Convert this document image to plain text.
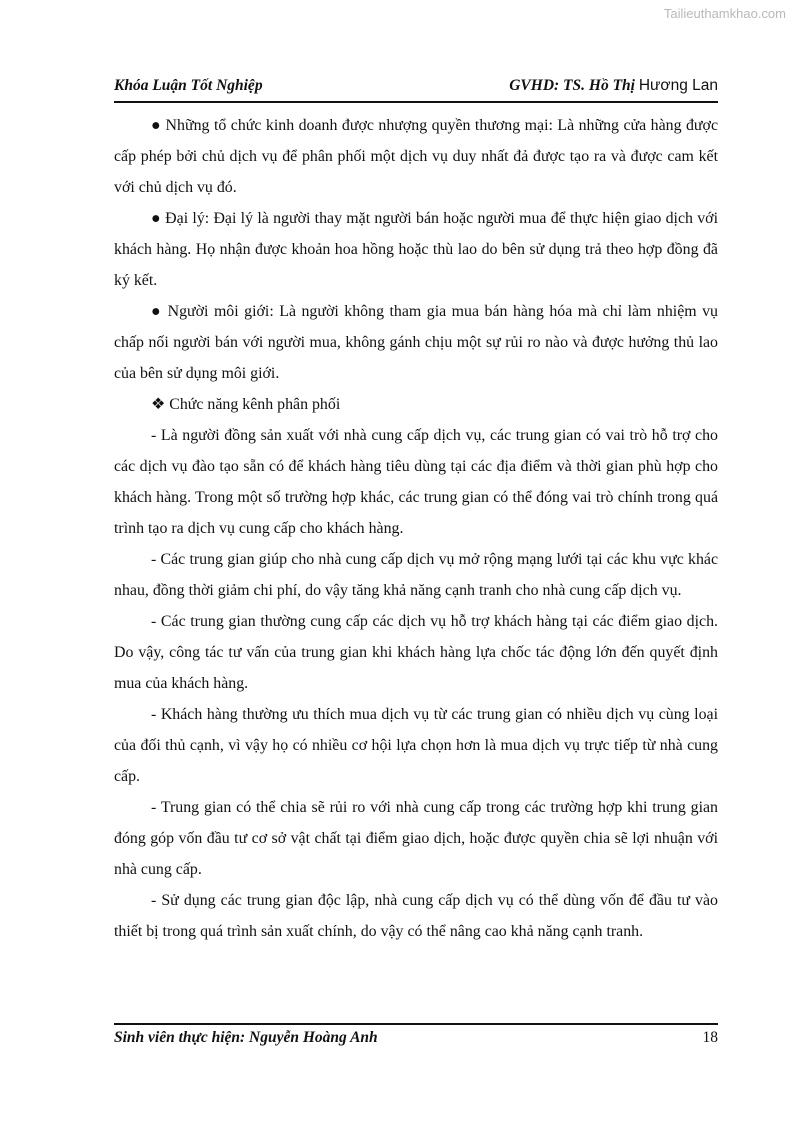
Tailieuthamkhao.com
Khóa Luận Tốt Nghiệp	GVHD: TS. Hồ Thị Hương Lan

● Những tổ chức kinh doanh được nhượng quyền thương mại: Là những cửa hàng được cấp phép bởi chủ dịch vụ để phân phối một dịch vụ duy nhất đả được tạo ra và được cam kết với chủ dịch vụ đó.

● Đại lý: Đại lý là người thay mặt người bán hoặc người mua để thực hiện giao dịch với khách hàng. Họ nhận được khoản hoa hồng hoặc thù lao do bên sử dụng trả theo hợp đồng đã ký kết.

● Người môi giới: Là người không tham gia mua bán hàng hóa mà chỉ làm nhiệm vụ chấp nối người bán với người mua, không gánh chịu một sự rủi ro nào và được hưởng thủ lao của bên sử dụng môi giới.

❖ Chức năng kênh phân phối

- Là người đồng sản xuất với nhà cung cấp dịch vụ, các trung gian có vai trò hỗ trợ cho các dịch vụ đào tạo sẵn có để khách hàng tiêu dùng tại các địa điểm và thời gian phù hợp cho khách hàng. Trong một số trường hợp khác, các trung gian có thể đóng vai trò chính trong quá trình tạo ra dịch vụ cung cấp cho khách hàng.

- Các trung gian giúp cho nhà cung cấp dịch vụ mở rộng mạng lưới tại các khu vực khác nhau, đồng thời giảm chi phí, do vậy tăng khả năng cạnh tranh cho nhà cung cấp dịch vụ.

- Các trung gian thường cung cấp các dịch vụ hỗ trợ khách hàng tại các điểm giao dịch. Do vậy, công tác tư vấn của trung gian khi khách hàng lựa chốc tác động lớn đến quyết định mua của khách hàng.

- Khách hàng thường ưu thích mua dịch vụ từ các trung gian có nhiều dịch vụ cùng loại của đối thủ cạnh, vì vậy họ có nhiều cơ hội lựa chọn hơn là mua dịch vụ trực tiếp từ nhà cung cấp.

- Trung gian có thể chia sẽ rủi ro với nhà cung cấp trong các trường hợp khi trung gian đóng góp vốn đầu tư cơ sở vật chất tại điểm giao dịch, hoặc được quyền chia sẽ lợi nhuận với nhà cung cấp.

- Sử dụng các trung gian độc lập, nhà cung cấp dịch vụ có thể dùng vốn để đầu tư vào thiết bị trong quá trình sản xuất chính, do vậy có thể nâng cao khả năng cạnh tranh.

Sinh viên thực hiện: Nguyễn Hoàng Anh	18
